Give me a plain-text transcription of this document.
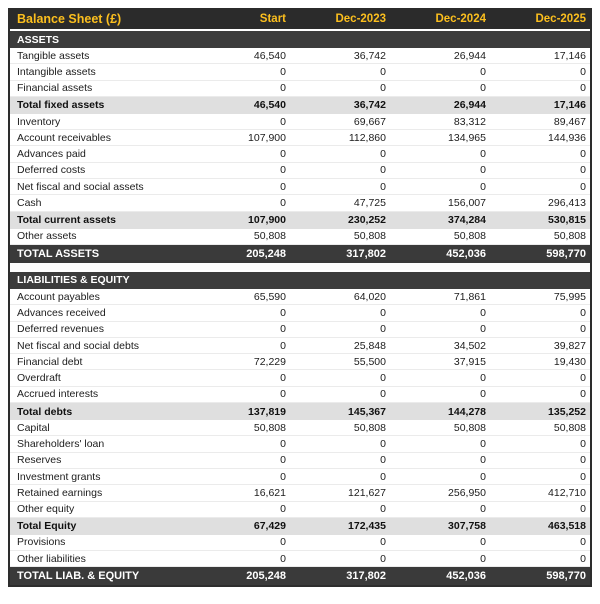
Balance Sheet (£)	Start	Dec-2023	Dec-2024	Dec-2025
ASSETS
Tangible assets	46,540	36,742	26,944	17,146
Intangible assets	0	0	0	0
Financial assets	0	0	0	0
Total fixed assets	46,540	36,742	26,944	17,146
Inventory	0	69,667	83,312	89,467
Account receivables	107,900	112,860	134,965	144,936
Advances paid	0	0	0	0
Deferred costs	0	0	0	0
Net fiscal and social assets	0	0	0	0
Cash	0	47,725	156,007	296,413
Total current assets	107,900	230,252	374,284	530,815
Other assets	50,808	50,808	50,808	50,808
TOTAL ASSETS	205,248	317,802	452,036	598,770
LIABILITIES & EQUITY
Account payables	65,590	64,020	71,861	75,995
Advances received	0	0	0	0
Deferred revenues	0	0	0	0
Net fiscal and social debts	0	25,848	34,502	39,827
Financial debt	72,229	55,500	37,915	19,430
Overdraft	0	0	0	0
Accrued interests	0	0	0	0
Total debts	137,819	145,367	144,278	135,252
Capital	50,808	50,808	50,808	50,808
Shareholders' loan	0	0	0	0
Reserves	0	0	0	0
Investment grants	0	0	0	0
Retained earnings	16,621	121,627	256,950	412,710
Other equity	0	0	0	0
Total Equity	67,429	172,435	307,758	463,518
Provisions	0	0	0	0
Other liabilities	0	0	0	0
TOTAL LIAB. & EQUITY	205,248	317,802	452,036	598,770
